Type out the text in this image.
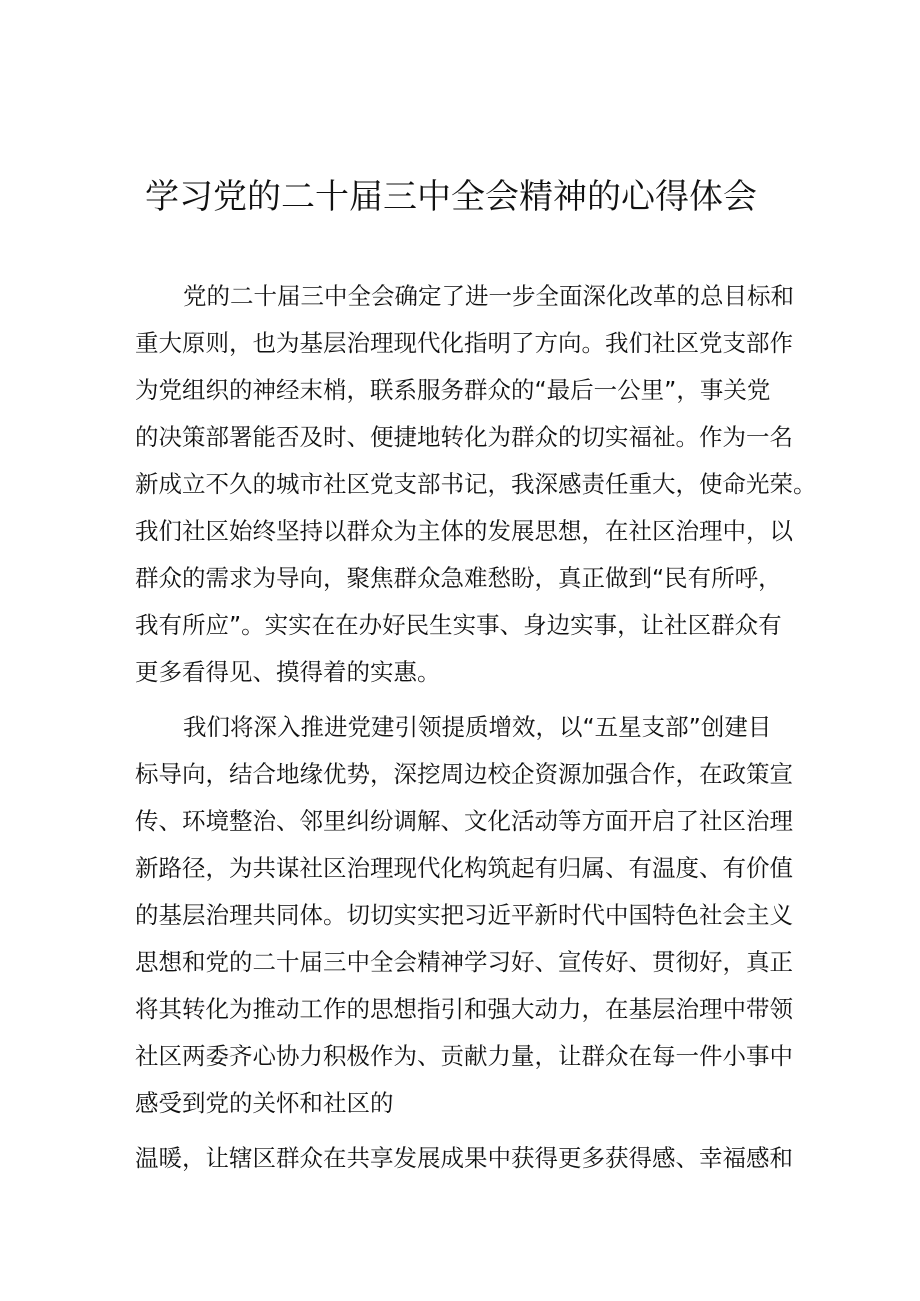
学习党的二十届三中全会精神的心得体会

党的二十届三中全会确定了进一步全面深化改革的总目标和

重大原则，也为基层治理现代化指明了方向。我们社区党支部作

为党组织的神经末梢，联系服务群众的“最后一公里”，事关党

的决策部署能否及时、便捷地转化为群众的切实福祉。作为一名

新成立不久的城市社区党支部书记，我深感责任重大，使命光荣。

我们社区始终坚持以群众为主体的发展思想，在社区治理中，以

群众的需求为导向，聚焦群众急难愁盼，真正做到“民有所呼，

我有所应”。实实在在办好民生实事、身边实事，让社区群众有

更多看得见、摸得着的实惠。

我们将深入推进党建引领提质增效，以“五星支部”创建目

标导向，结合地缘优势，深挖周边校企资源加强合作，在政策宣

传、环境整治、邻里纠纷调解、文化活动等方面开启了社区治理

新路径，为共谋社区治理现代化构筑起有归属、有温度、有价值

的基层治理共同体。切切实实把习近平新时代中国特色社会主义

思想和党的二十届三中全会精神学习好、宣传好、贯彻好，真正

将其转化为推动工作的思想指引和强大动力，在基层治理中带领

社区两委齐心协力积极作为、贡献力量，让群众在每一件小事中

感受到党的关怀和社区的

温暖，让辖区群众在共享发展成果中获得更多获得感、幸福感和
